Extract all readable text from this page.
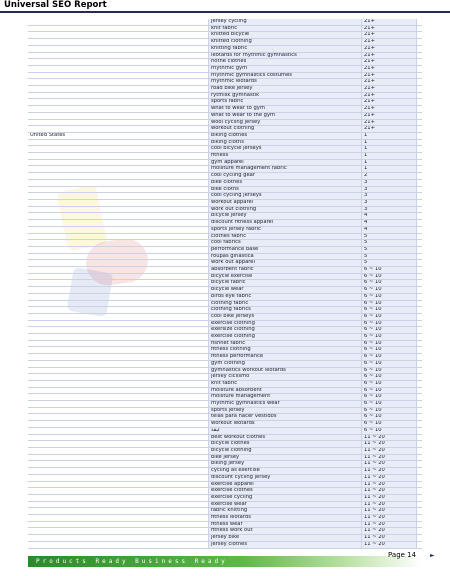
Universal SEO Report
	jersey cycling	21+	
	knit fabric	21+	
	knitted bicycle	21+	
	knitted clothing	21+	
	knitting fabric	21+	
	leotards for rhythmic gymnastics	21+	
	nothe clothes	21+	
	rhythmic gym	21+	
	rhythmic gymnastics costumes	21+	
	rhythmic leotards	21+	
	road bike jersey	21+	
	rytmisk gymnastik	21+	
	sports fabric	21+	
	what to wear to gym	21+	
	what to wear to the gym	21+	
	wool cycling jersey	21+	
	workout clothing	21+	
United States	biking clothes	1	
	biking cloths	1	
	cool bicycle jerseys	1	
	fitness	1	
	gym apparel	1	
	moisture management fabric	1	
	cool cycling gear	2	
	bike clothes	3	
	bike cloths	3	
	cool cycling jerseys	3	
	workout apparel	3	
	work out clothing	3	
	bicycle jersey	4	
	discount fitness apparel	4	
	sports jersey fabric	4	
	clothes fabric	5	
	cool fabrics	5	
	performance base	5	
	roupas ginastica	5	
	work out apparel	5	
	absorbent fabric	6 ~ 10	
	bicycle exercise	6 ~ 10	
	bicycle fabric	6 ~ 10	
	bicycle wear	6 ~ 10	
	birds eye fabric	6 ~ 10	
	clothing fabric	6 ~ 10	
	clothing fabrics	6 ~ 10	
	cool bike jerseys	6 ~ 10	
	exercise clothing	6 ~ 10	
	exersize clothing	6 ~ 10	
	exercise clothing	6 ~ 10	
	fishnet fabric	6 ~ 10	
	fitness clothing	6 ~ 10	
	fitness performance	6 ~ 10	
	gym clothing	6 ~ 10	
	gymnastics workout leotards	6 ~ 10	
	jersey ciclismo	6 ~ 10	
	knit fabric	6 ~ 10	
	moisture absorbent	6 ~ 10	
	moisture management	6 ~ 10	
	rhythmic gymnastics wear	6 ~ 10	
	sports jersey	6 ~ 10	
	telas para hacer vestidos	6 ~ 10	
	workout leotards	6 ~ 10	
	لبقة	6 ~ 10	
	best workout clothes	11 ~ 20	
	bicycle clothes	11 ~ 20	
	bicycle clothing	11 ~ 20	
	bike jersey	11 ~ 20	
	biking jersey	11 ~ 20	
	cycling as exercise	11 ~ 20	
	discount cycling jersey	11 ~ 20	
	exercise apparel	11 ~ 20	
	exercise clothes	11 ~ 20	
	exercise cycling	11 ~ 20	
	exercise wear	11 ~ 20	
	fabric knitting	11 ~ 20	
	fitness leotards	11 ~ 20	
	fitness wear	11 ~ 20	
	fitness work out	11 ~ 20	
	jersey bike	11 ~ 20	
	jersey clothes	11 ~ 20	

Products Ready Business Ready
Page 14 ►
